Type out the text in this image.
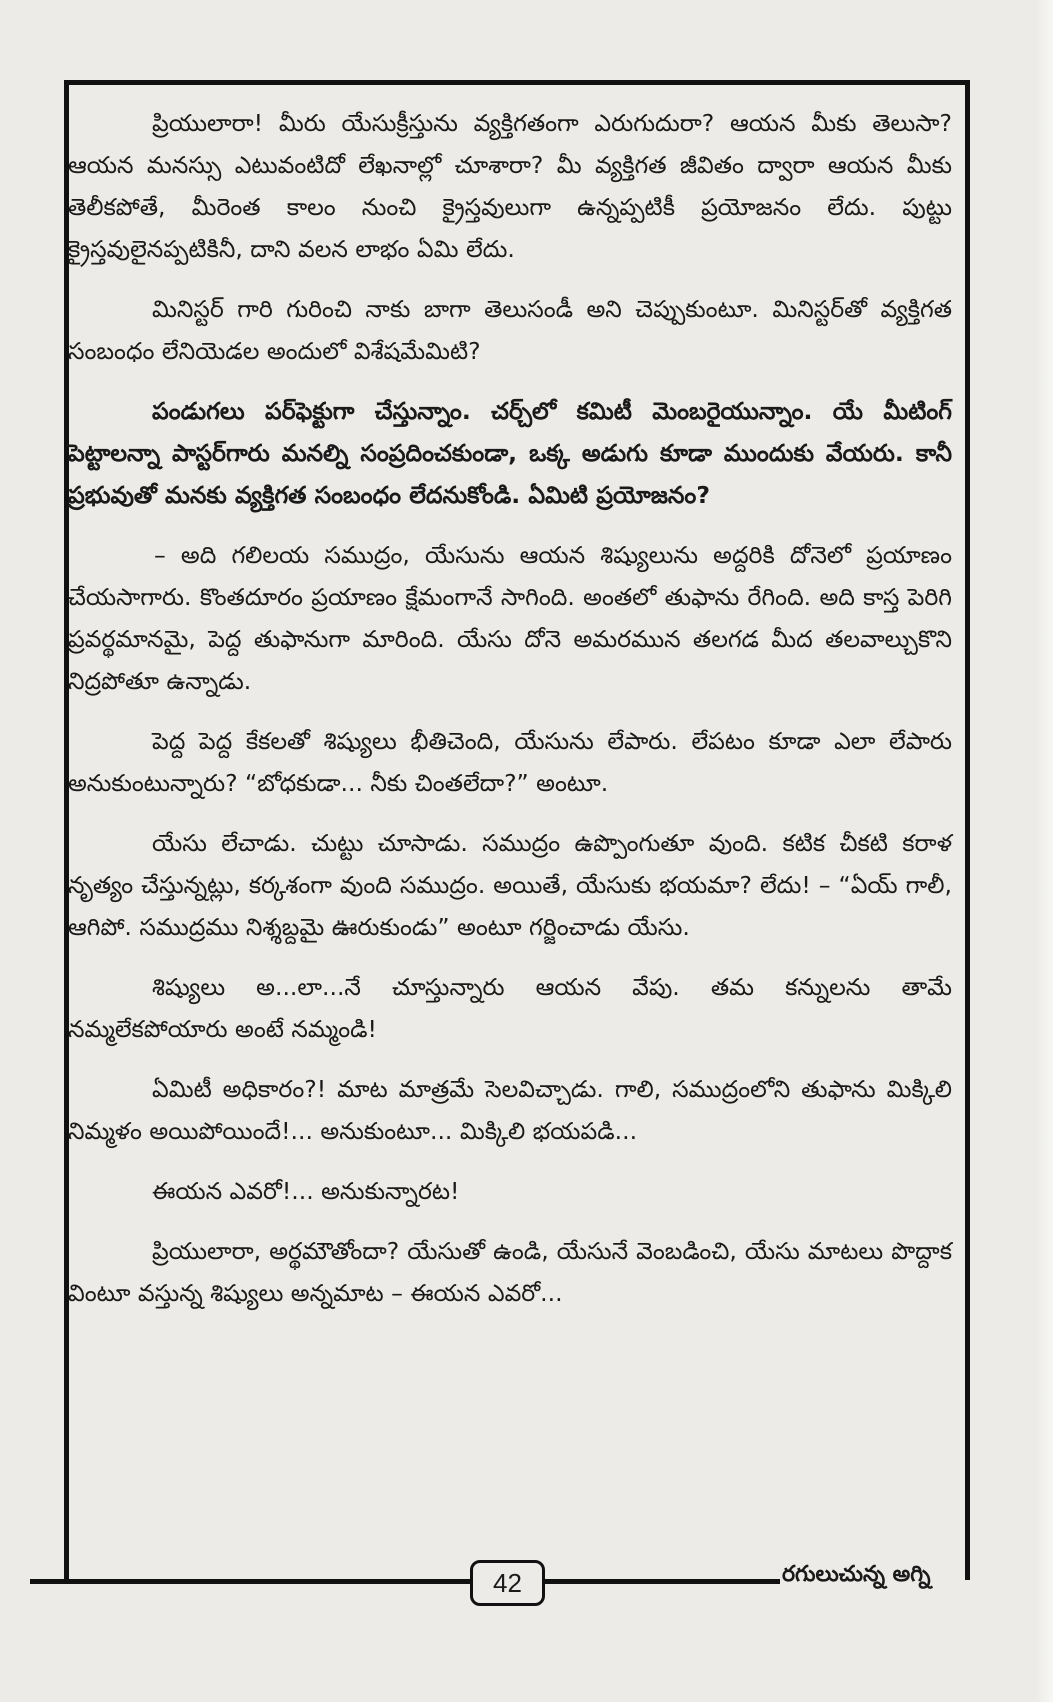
ప్రియులారా! మీరు యేసుక్రీస్తును వ్యక్తిగతంగా ఎరుగుదురా? ఆయన మీకు తెలుసా? ఆయన మనస్సు ఎటువంటిదో లేఖనాల్లో చూశారా? మీ వ్యక్తిగత జీవితం ద్వారా ఆయన మీకు తెలీకపోతే, మీరెంత కాలం నుంచి క్రైస్తవులుగా ఉన్నప్పటికీ ప్రయోజనం లేదు. పుట్టు క్రైస్తవులైనప్పటికినీ, దాని వలన లాభం ఏమి లేదు.

మినిస్టర్ గారి గురించి నాకు బాగా తెలుసండీ అని చెప్పుకుంటూ. మినిస్టర్‌తో వ్యక్తిగత సంబంధం లేనియెడల అందులో విశేషమేమిటి?

పండుగలు పర్‌ఫెక్టుగా చేస్తున్నాం. చర్చ్‌లో కమిటీ మెంబరైయున్నాం. యే మీటింగ్ పెట్టాలన్నా పాస్టర్‌గారు మనల్ని సంప్రదించకుండా, ఒక్క అడుగు కూడా ముందుకు వేయరు. కానీ ప్రభువుతో మనకు వ్యక్తిగత సంబంధం లేదనుకోండి. ఏమిటి ప్రయోజనం?

– అది గలిలయ సముద్రం, యేసును ఆయన శిష్యులును అద్దరికి దోనెలో ప్రయాణం చేయసాగారు. కొంతదూరం ప్రయాణం క్షేమంగానే సాగింది. అంతలో తుఫాను రేగింది. అది కాస్త పెరిగి ప్రవర్థమానమై, పెద్ద తుఫానుగా మారింది. యేసు దోనె అమరమున తలగడ మీద తలవాల్చుకొని నిద్రపోతూ ఉన్నాడు.

పెద్ద పెద్ద కేకలతో శిష్యులు భీతిచెంది, యేసును లేపారు. లేపటం కూడా ఎలా లేపారు అనుకుంటున్నారు? “బోధకుడా... నీకు చింతలేదా?” అంటూ.

యేసు లేచాడు. చుట్టు చూసాడు. సముద్రం ఉప్పొంగుతూ వుంది. కటిక చీకటి కరాళ నృత్యం చేస్తున్నట్లు, కర్కశంగా వుంది సముద్రం. అయితే, యేసుకు భయమా? లేదు! – “ఏయ్ గాలీ, ఆగిపో. సముద్రము నిశ్శబ్దమై ఊరుకుండు” అంటూ గర్జించాడు యేసు.

శిష్యులు అ...లా...నే చూస్తున్నారు ఆయన వేపు. తమ కన్నులను తామే నమ్మలేకపోయారు అంటే నమ్మండి!

ఏమిటీ అధికారం?! మాట మాత్రమే సెలవిచ్చాడు. గాలి, సముద్రంలోని తుఫాను మిక్కిలి నిమ్మళం అయిపోయిందే!... అనుకుంటూ... మిక్కిలి భయపడి...

ఈయన ఎవరో!... అనుకున్నారట!

ప్రియులారా, అర్థమౌతోందా? యేసుతో ఉండి, యేసునే వెంబడించి, యేసు మాటలు పొద్దాక వింటూ వస్తున్న శిష్యులు అన్నమాట – ఈయన ఎవరో...

42	రగులుచున్న అగ్ని
